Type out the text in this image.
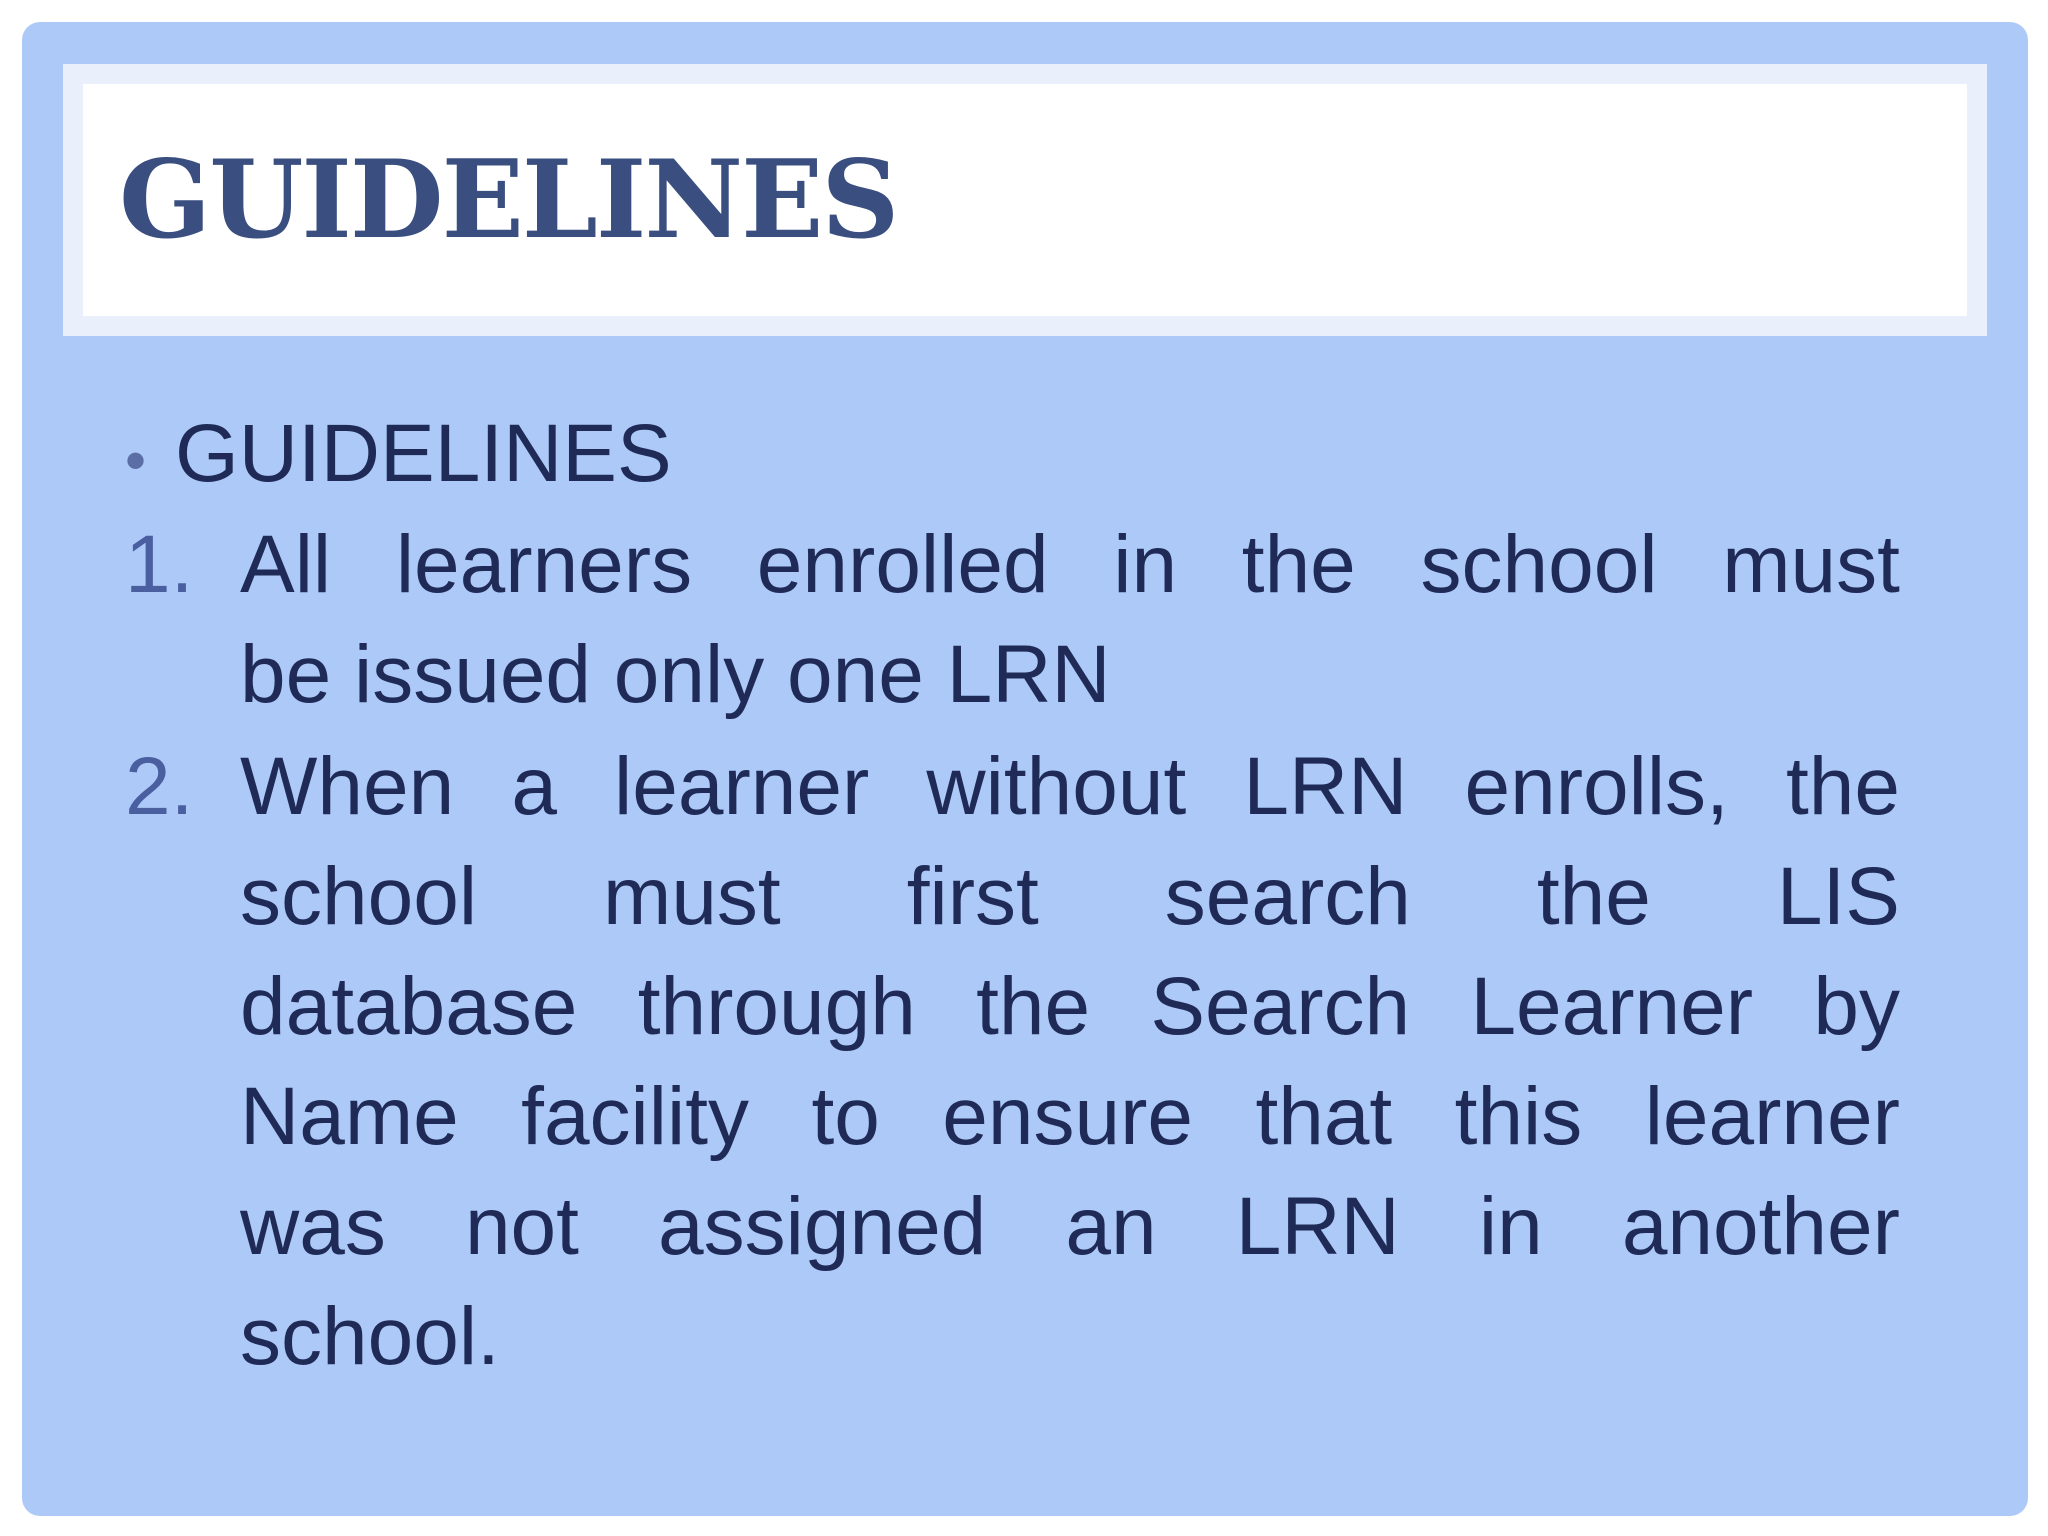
GUIDELINES
• GUIDELINES
1. All learners enrolled in the school must
be issued only one LRN
2. When a learner without LRN enrolls, the
school must first search the LIS
database through the Search Learner by
Name facility to ensure that this learner
was not assigned an LRN in another
school.
